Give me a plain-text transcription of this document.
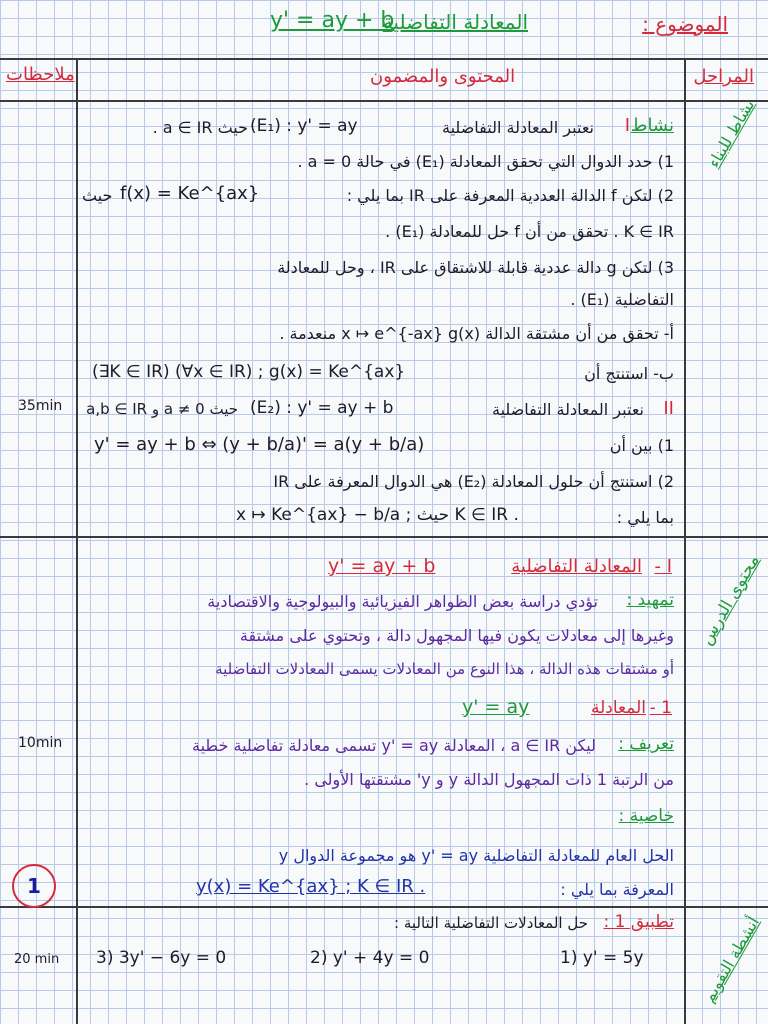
الموضوع :
المعادلة التفاضلية
y' = ay + b
ملاحظات	المحتوى والمضمون	المراحل
نشاط للبناء
محتوى الدرس
أنشطة التقويم
35min
10min
20 min
نشاط
I
نعتبر المعادلة التفاضلية
(E₁) : y' = ay
حيث a ∈ IR .
1) حدد الدوال التي تحقق المعادلة (E₁) في حالة a = 0 .
2) لتكن f الدالة العددية المعرفة على IR بما يلي :
f(x) = Ke^{ax}
حيث
K ∈ IR . تحقق من أن f حل للمعادلة (E₁) .
3) لتكن g دالة عددية قابلة للاشتقاق على IR ، وحل للمعادلة
التفاضلية (E₁) .
أ- تحقق من أن مشتقة الدالة x ↦ e^{-ax} g(x) منعدمة .
ب- استنتج أن
(∃K ∈ IR) (∀x ∈ IR) ; g(x) = Ke^{ax}
II
نعتبر المعادلة التفاضلية
(E₂) : y' = ay + b
حيث a ≠ 0 و a,b ∈ IR
1) بين أن
y' = ay + b ⇔ (y + b/a)' = a(y + b/a)
2) استنتج أن حلول المعادلة (E₂) هي الدوال المعرفة على IR
بما يلي :
x ↦ Ke^{ax} − b/a ; حيث K ∈ IR .
I -
المعادلة التفاضلية
y' = ay + b
تمهيد :
تؤدي دراسة بعض الظواهر الفيزيائية والبيولوجية والاقتصادية
وغيرها إلى معادلات يكون فيها المجهول دالة ، وتحتوي على مشتقة
أو مشتقات هذه الدالة ، هذا النوع من المعادلات يسمى المعادلات التفاضلية
1 -
المعادلة
y' = ay
تعريف :
ليكن a ∈ IR ، المعادلة y' = ay تسمى معادلة تفاضلية خطية
من الرتبة 1 ذات المجهول الدالة y و y' مشتقتها الأولى .
خاصية :
الحل العام للمعادلة التفاضلية y' = ay هو مجموعة الدوال y
المعرفة بما يلي :
y(x) = Ke^{ax} ; K ∈ IR .
1
تطبيق 1 :
حل المعادلات التفاضلية التالية :
1) y' = 5y
2) y' + 4y = 0
3) 3y' − 6y = 0
